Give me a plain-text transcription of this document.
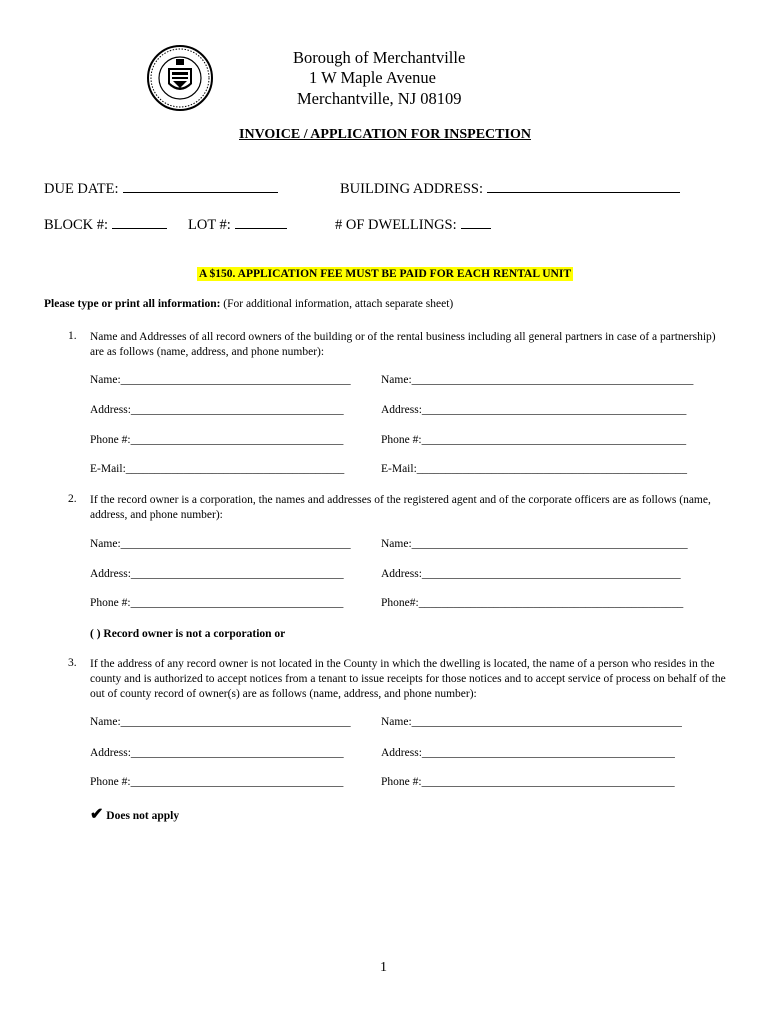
Borough of Merchantville
1 W Maple Avenue
Merchantville, NJ 08109
INVOICE / APPLICATION FOR INSPECTION
DUE DATE:	BUILDING ADDRESS:
BLOCK #:	LOT #:	# OF DWELLINGS:
A $150. APPLICATION FEE MUST BE PAID FOR EACH RENTAL UNIT
Please type or print all information: (For additional information, attach separate sheet)
1. Name and Addresses of all record owners of the building or of the rental business including all general partners in case of a partnership) are as follows (name, address, and phone number):
Name:________________________________________	Name:_________________________________________________
Address:_____________________________________	Address:______________________________________________
Phone #:_____________________________________	Phone #:______________________________________________
E-Mail:______________________________________	E-Mail:_______________________________________________
2. If the record owner is a corporation, the names and addresses of the registered agent and of the corporate officers are as follows (name, address, and phone number):
Name:________________________________________	Name:________________________________________________
Address:_____________________________________	Address:_____________________________________________
Phone #:_____________________________________	Phone#:______________________________________________
( ) Record owner is not a corporation or
3. If the address of any record owner is not located in the County in which the dwelling is located, the name of a person who resides in the county and is authorized to accept notices from a tenant to issue receipts for those notices and to accept service of process on behalf of the out of county record of owner(s) are as follows (name, address, and phone number):
Name:________________________________________	Name:_______________________________________________
Address:_____________________________________	Address:____________________________________________
Phone #:_____________________________________	Phone #:____________________________________________
✔ Does not apply
1
